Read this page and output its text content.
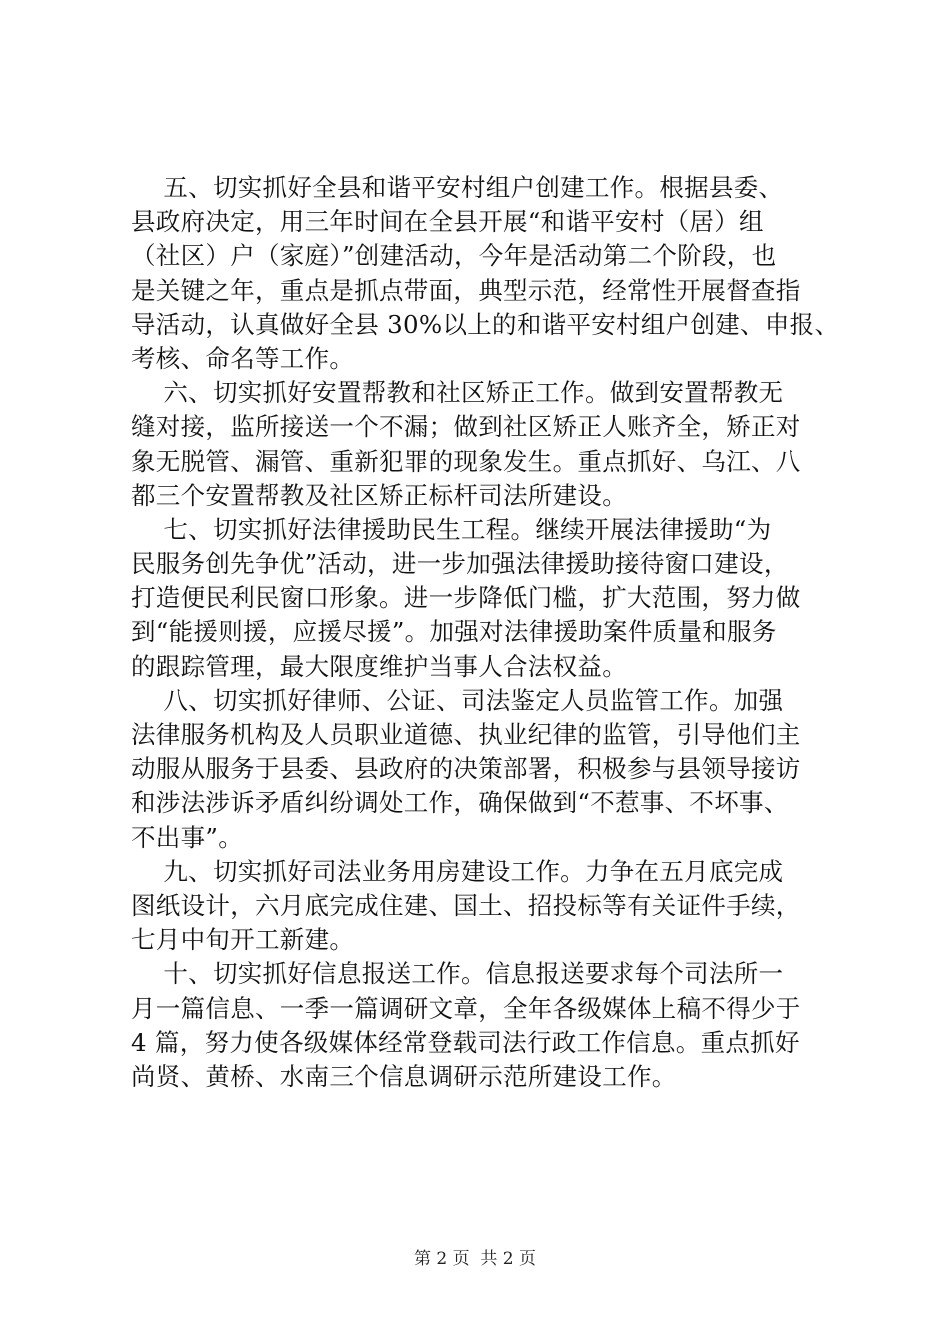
五、切实抓好全县和谐平安村组户创建工作。根据县委、
县政府决定，用三年时间在全县开展“和谐平安村（居）组
（社区）户（家庭）”创建活动，今年是活动第二个阶段，也
是关键之年，重点是抓点带面，典型示范，经常性开展督查指
导活动，认真做好全县 30%以上的和谐平安村组户创建、申报、
考核、命名等工作。
六、切实抓好安置帮教和社区矫正工作。做到安置帮教无
缝对接，监所接送一个不漏；做到社区矫正人账齐全，矫正对
象无脱管、漏管、重新犯罪的现象发生。重点抓好、乌江、八
都三个安置帮教及社区矫正标杆司法所建设。
七、切实抓好法律援助民生工程。继续开展法律援助“为
民服务创先争优”活动，进一步加强法律援助接待窗口建设，
打造便民利民窗口形象。进一步降低门槛，扩大范围，努力做
到“能援则援，应援尽援”。加强对法律援助案件质量和服务
的跟踪管理，最大限度维护当事人合法权益。
八、切实抓好律师、公证、司法鉴定人员监管工作。加强
法律服务机构及人员职业道德、执业纪律的监管，引导他们主
动服从服务于县委、县政府的决策部署，积极参与县领导接访
和涉法涉诉矛盾纠纷调处工作，确保做到“不惹事、不坏事、
不出事”。
九、切实抓好司法业务用房建设工作。力争在五月底完成
图纸设计，六月底完成住建、国土、招投标等有关证件手续，
七月中旬开工新建。
十、切实抓好信息报送工作。信息报送要求每个司法所一
月一篇信息、一季一篇调研文章，全年各级媒体上稿不得少于
4 篇，努力使各级媒体经常登载司法行政工作信息。重点抓好
尚贤、黄桥、水南三个信息调研示范所建设工作。
第 2 页  共 2 页
